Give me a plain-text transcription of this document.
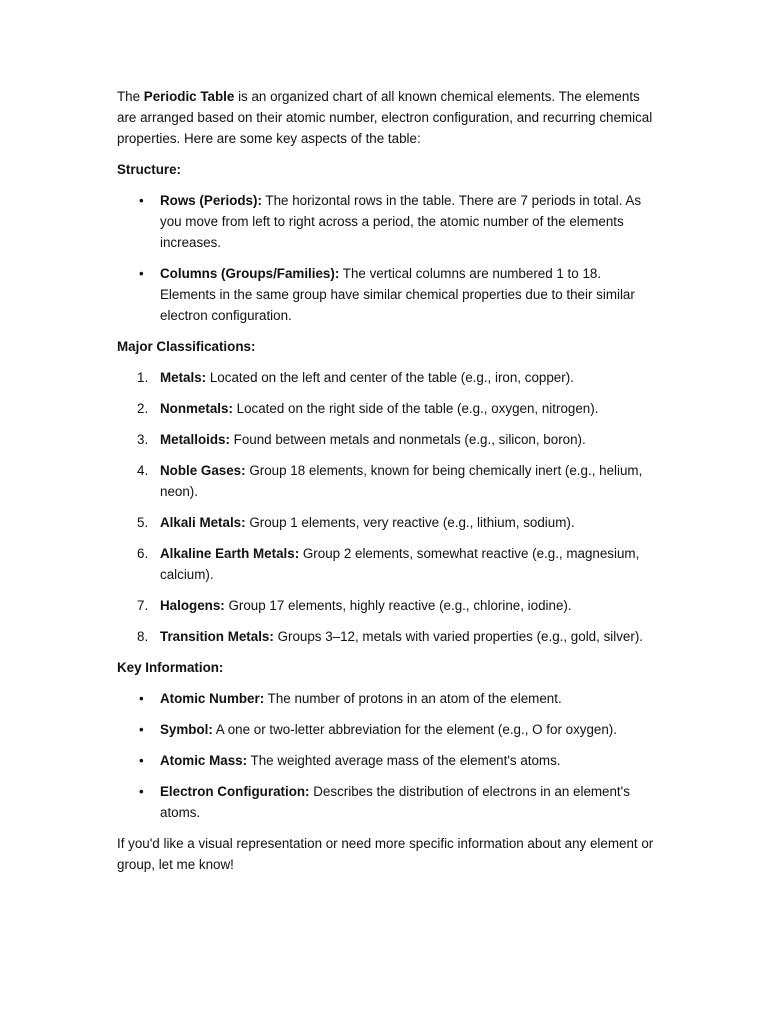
The Periodic Table is an organized chart of all known chemical elements. The elements are arranged based on their atomic number, electron configuration, and recurring chemical properties. Here are some key aspects of the table:

Structure:

• Rows (Periods): The horizontal rows in the table. There are 7 periods in total. As you move from left to right across a period, the atomic number of the elements increases.
• Columns (Groups/Families): The vertical columns are numbered 1 to 18. Elements in the same group have similar chemical properties due to their similar electron configuration.

Major Classifications:

1. Metals: Located on the left and center of the table (e.g., iron, copper).
2. Nonmetals: Located on the right side of the table (e.g., oxygen, nitrogen).
3. Metalloids: Found between metals and nonmetals (e.g., silicon, boron).
4. Noble Gases: Group 18 elements, known for being chemically inert (e.g., helium, neon).
5. Alkali Metals: Group 1 elements, very reactive (e.g., lithium, sodium).
6. Alkaline Earth Metals: Group 2 elements, somewhat reactive (e.g., magnesium, calcium).
7. Halogens: Group 17 elements, highly reactive (e.g., chlorine, iodine).
8. Transition Metals: Groups 3–12, metals with varied properties (e.g., gold, silver).

Key Information:

• Atomic Number: The number of protons in an atom of the element.
• Symbol: A one or two-letter abbreviation for the element (e.g., O for oxygen).
• Atomic Mass: The weighted average mass of the element's atoms.
• Electron Configuration: Describes the distribution of electrons in an element's atoms.

If you'd like a visual representation or need more specific information about any element or group, let me know!
